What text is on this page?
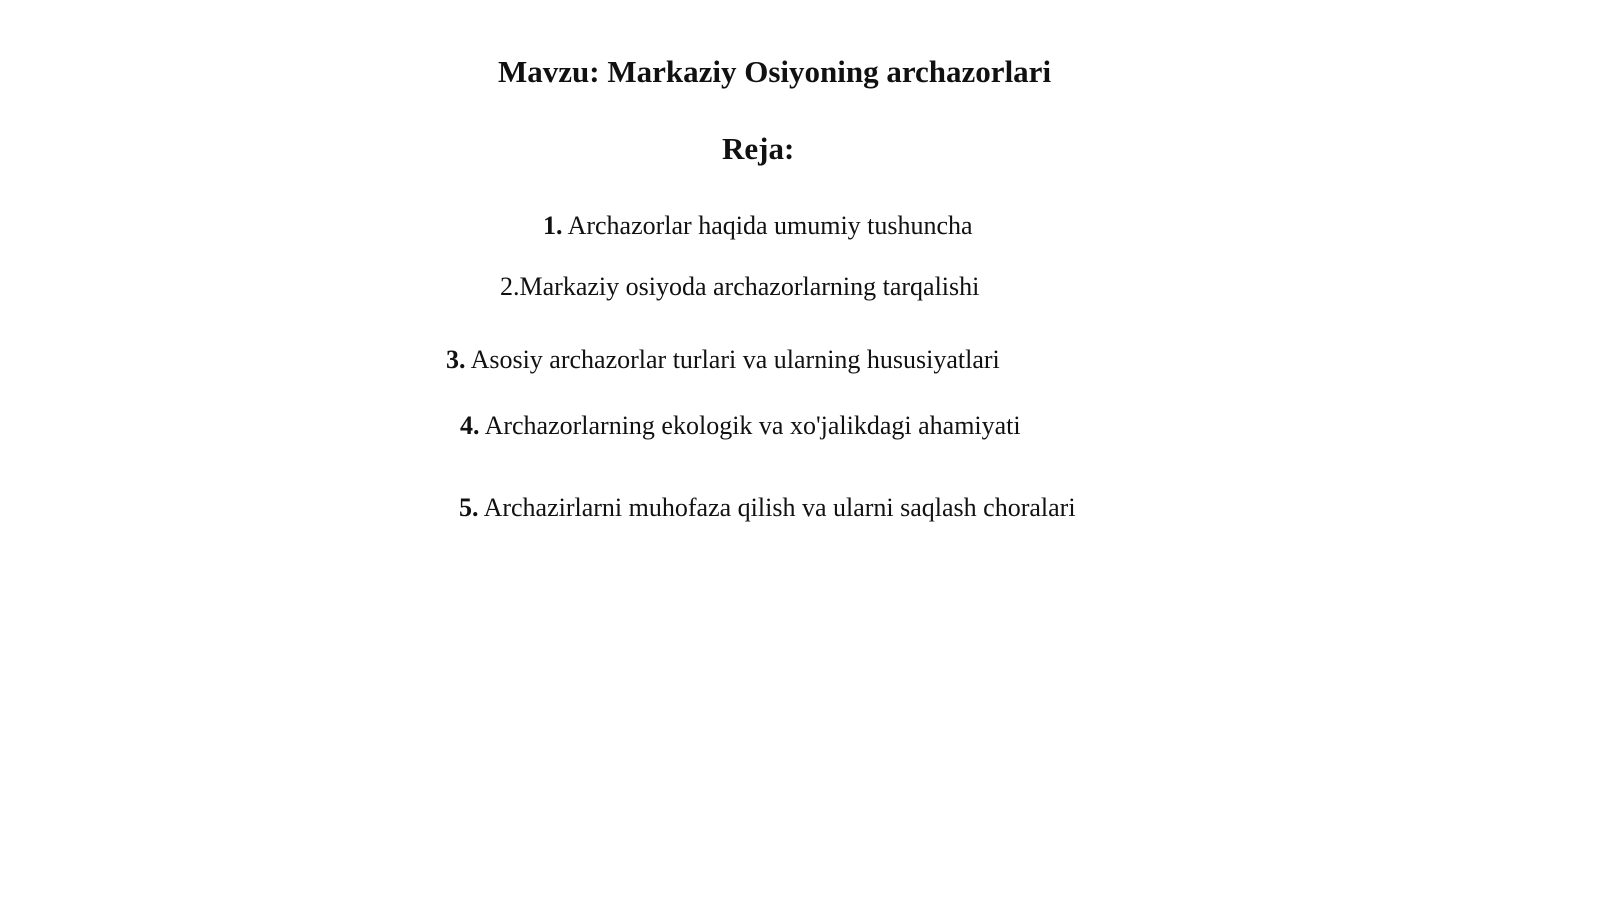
Mavzu: Markaziy Osiyoning archazorlari
Reja:
1. Archazorlar haqida umumiy tushuncha
2.Markaziy osiyoda archazorlarning tarqalishi
3. Asosiy archazorlar turlari va ularning hususiyatlari
4. Archazorlarning ekologik va xo'jalikdagi ahamiyati
5. Archazirlarni muhofaza qilish va ularni saqlash choralari
